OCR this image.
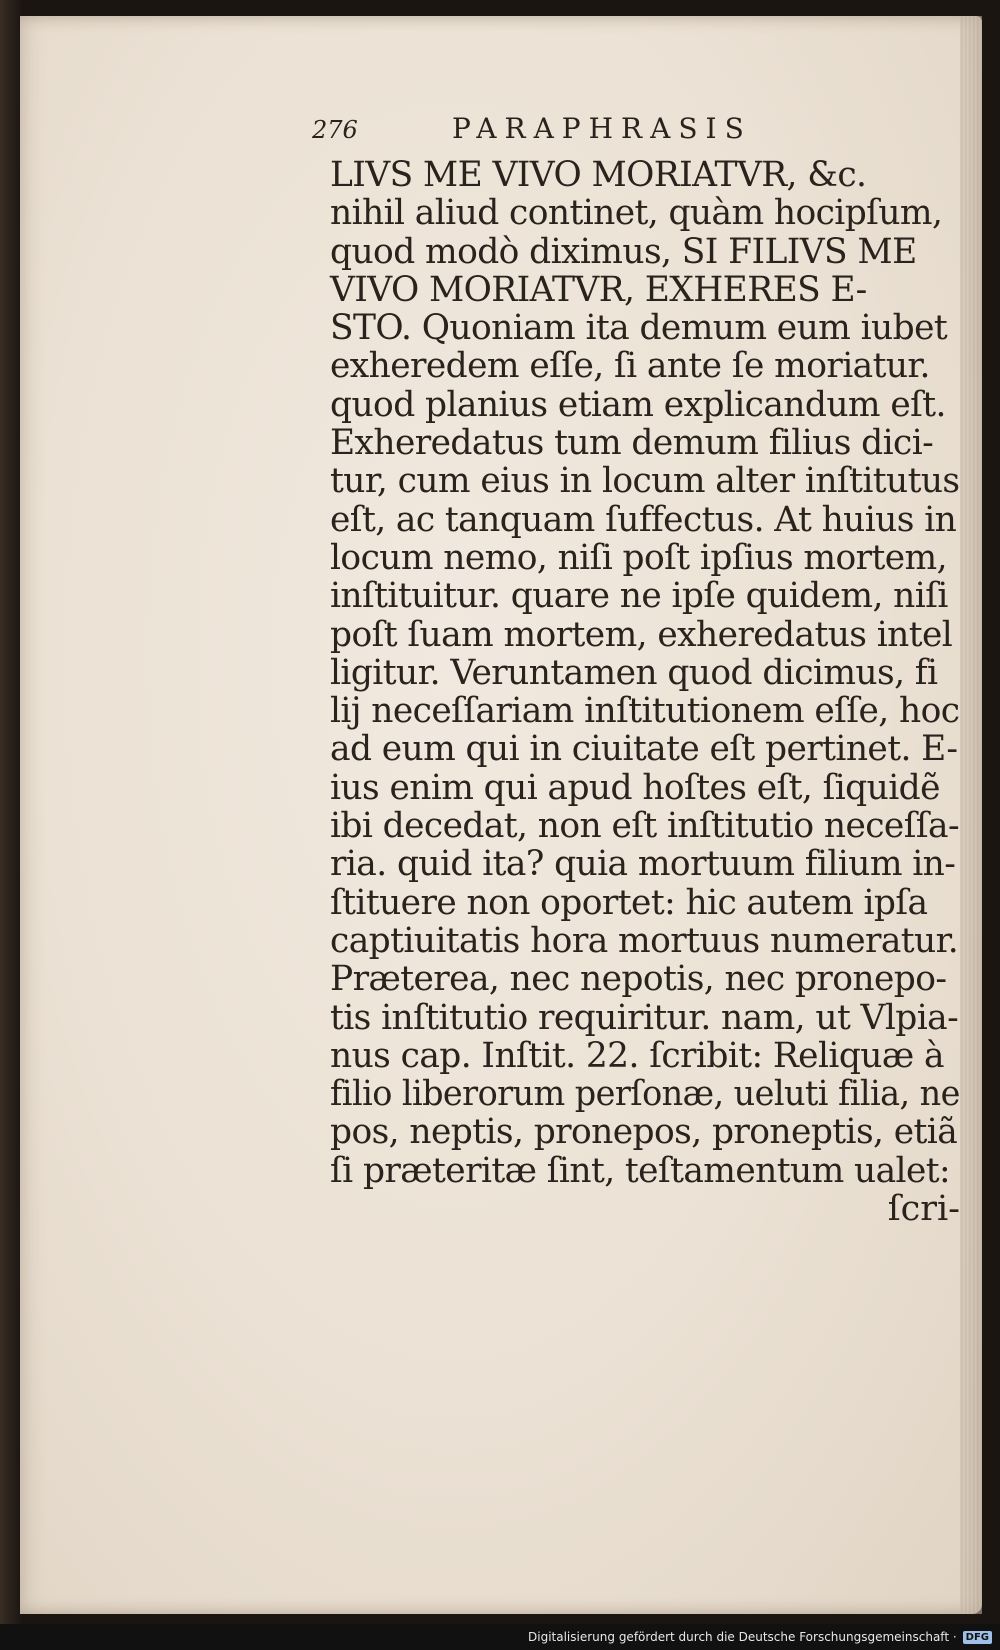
276	PARAPHRASIS
LIVS ME VIVO MORIATVR, &c.
nihil aliud continet, quàm hocipſum,
quod modò diximus, SI FILIVS ME
VIVO MORIATVR, EXHERES E-
STO. Quoniam ita demum eum iubet
exheredem eſſe, ſi ante ſe moriatur.
quod planius etiam explicandum eſt.
Exheredatus tum demum filius dici-
tur, cum eius in locum alter inſtitutus
eſt, ac tanquam ſuffectus. At huius in
locum nemo, niſi poſt ipſius mortem,
inſtituitur. quare ne ipſe quidem, niſi
poſt ſuam mortem, exheredatus intel
ligitur. Veruntamen quod dicimus, fi
lij neceſſariam inſtitutionem eſſe, hoc
ad eum qui in ciuitate eſt pertinet. E-
ius enim qui apud hoſtes eſt, ſiquidẽ
ibi decedat, non eſt inſtitutio neceſſa-
ria. quid ita? quia mortuum filium in-
ſtituere non oportet: hic autem ipſa
captiuitatis hora mortuus numeratur.
Præterea, nec nepotis, nec pronepo-
tis inſtitutio requiritur. nam, ut Vlpia-
nus cap. Inſtit. 22. ſcribit: Reliquæ à
filio liberorum perſonæ, ueluti filia, ne
pos, neptis, pronepos, proneptis, etiã
ſi præteritæ ſint, teſtamentum ualet:
ſcri-
Digitalisierung gefördert durch die Deutsche Forschungsgemeinschaft · DFG
